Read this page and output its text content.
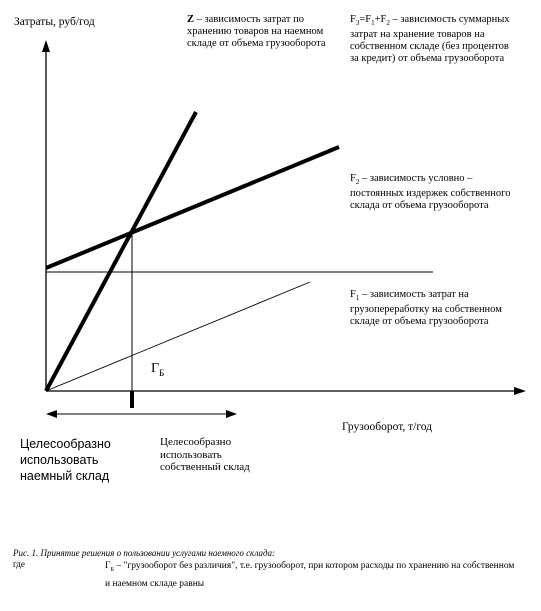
Затраты, руб/год
Грузооборот, т/год
Z – зависимость затрат по хранению товаров на наемном складе от объема грузооборота
$F_3=F_1+F_2$ – зависимость суммарных затрат на хранение товаров на собственном складе (без процентов за кредит) от объема грузооборота
$F_2$ – зависимость условно – постоянных издержек собственного склада от объема грузооборота
$F_1$ – зависимость затрат на грузопереработку на собственном складе от объема грузооборота
$Г_Б$
Целесообразно использовать наемный склад
Целесообразно использовать собственный склад
Рис. 1. Принятие решения о пользовании услугами наемного склада:
где	$Г_Б$ – "грузооборот без различия", т.е. грузооборот, при котором расходы по хранению на собственном и наемном складе равны
